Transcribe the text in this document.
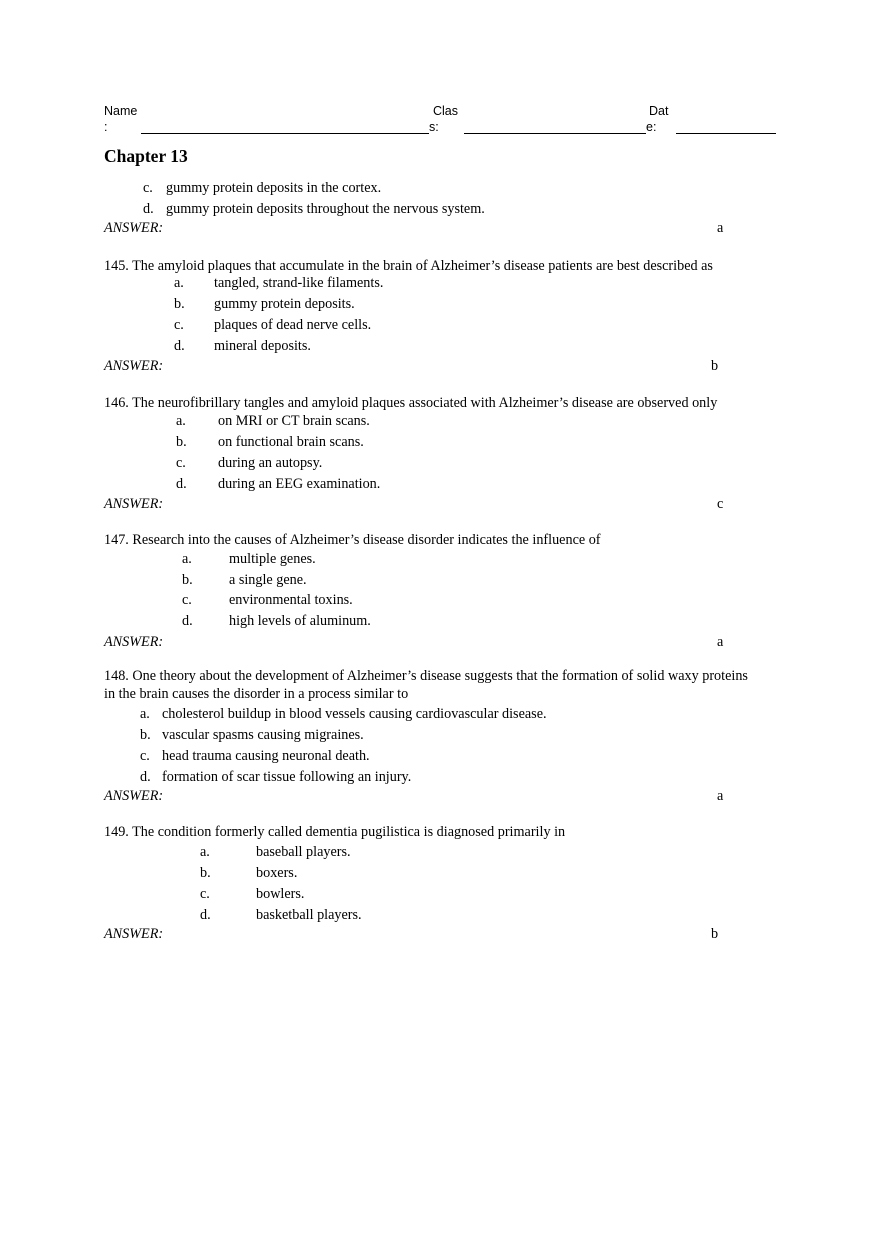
Name
:
Clas
s:
Dat
e:
Chapter 13
c. gummy protein deposits in the cortex.
d. gummy protein deposits throughout the nervous system.
ANSWER:	a
145. The amyloid plaques that accumulate in the brain of Alzheimer’s disease patients are best described as
a. tangled, strand-like filaments.
b. gummy protein deposits.
c. plaques of dead nerve cells.
d. mineral deposits.
ANSWER:	b
146. The neurofibrillary tangles and amyloid plaques associated with Alzheimer’s disease are observed only
a. on MRI or CT brain scans.
b. on functional brain scans.
c. during an autopsy.
d. during an EEG examination.
ANSWER:	c
147. Research into the causes of Alzheimer’s disease disorder indicates the influence of
a.	multiple genes.
b.	a single gene.
c.	environmental toxins.
d.	high levels of aluminum.
ANSWER:	a
148. One theory about the development of Alzheimer’s disease suggests that the formation of solid waxy proteins in the brain causes the disorder in a process similar to
a. cholesterol buildup in blood vessels causing cardiovascular disease.
b. vascular spasms causing migraines.
c. head trauma causing neuronal death.
d. formation of scar tissue following an injury.
ANSWER:	a
149. The condition formerly called dementia pugilistica is diagnosed primarily in
a.	baseball players.
b.	boxers.
c.	bowlers.
d.	basketball players.
ANSWER:	b
